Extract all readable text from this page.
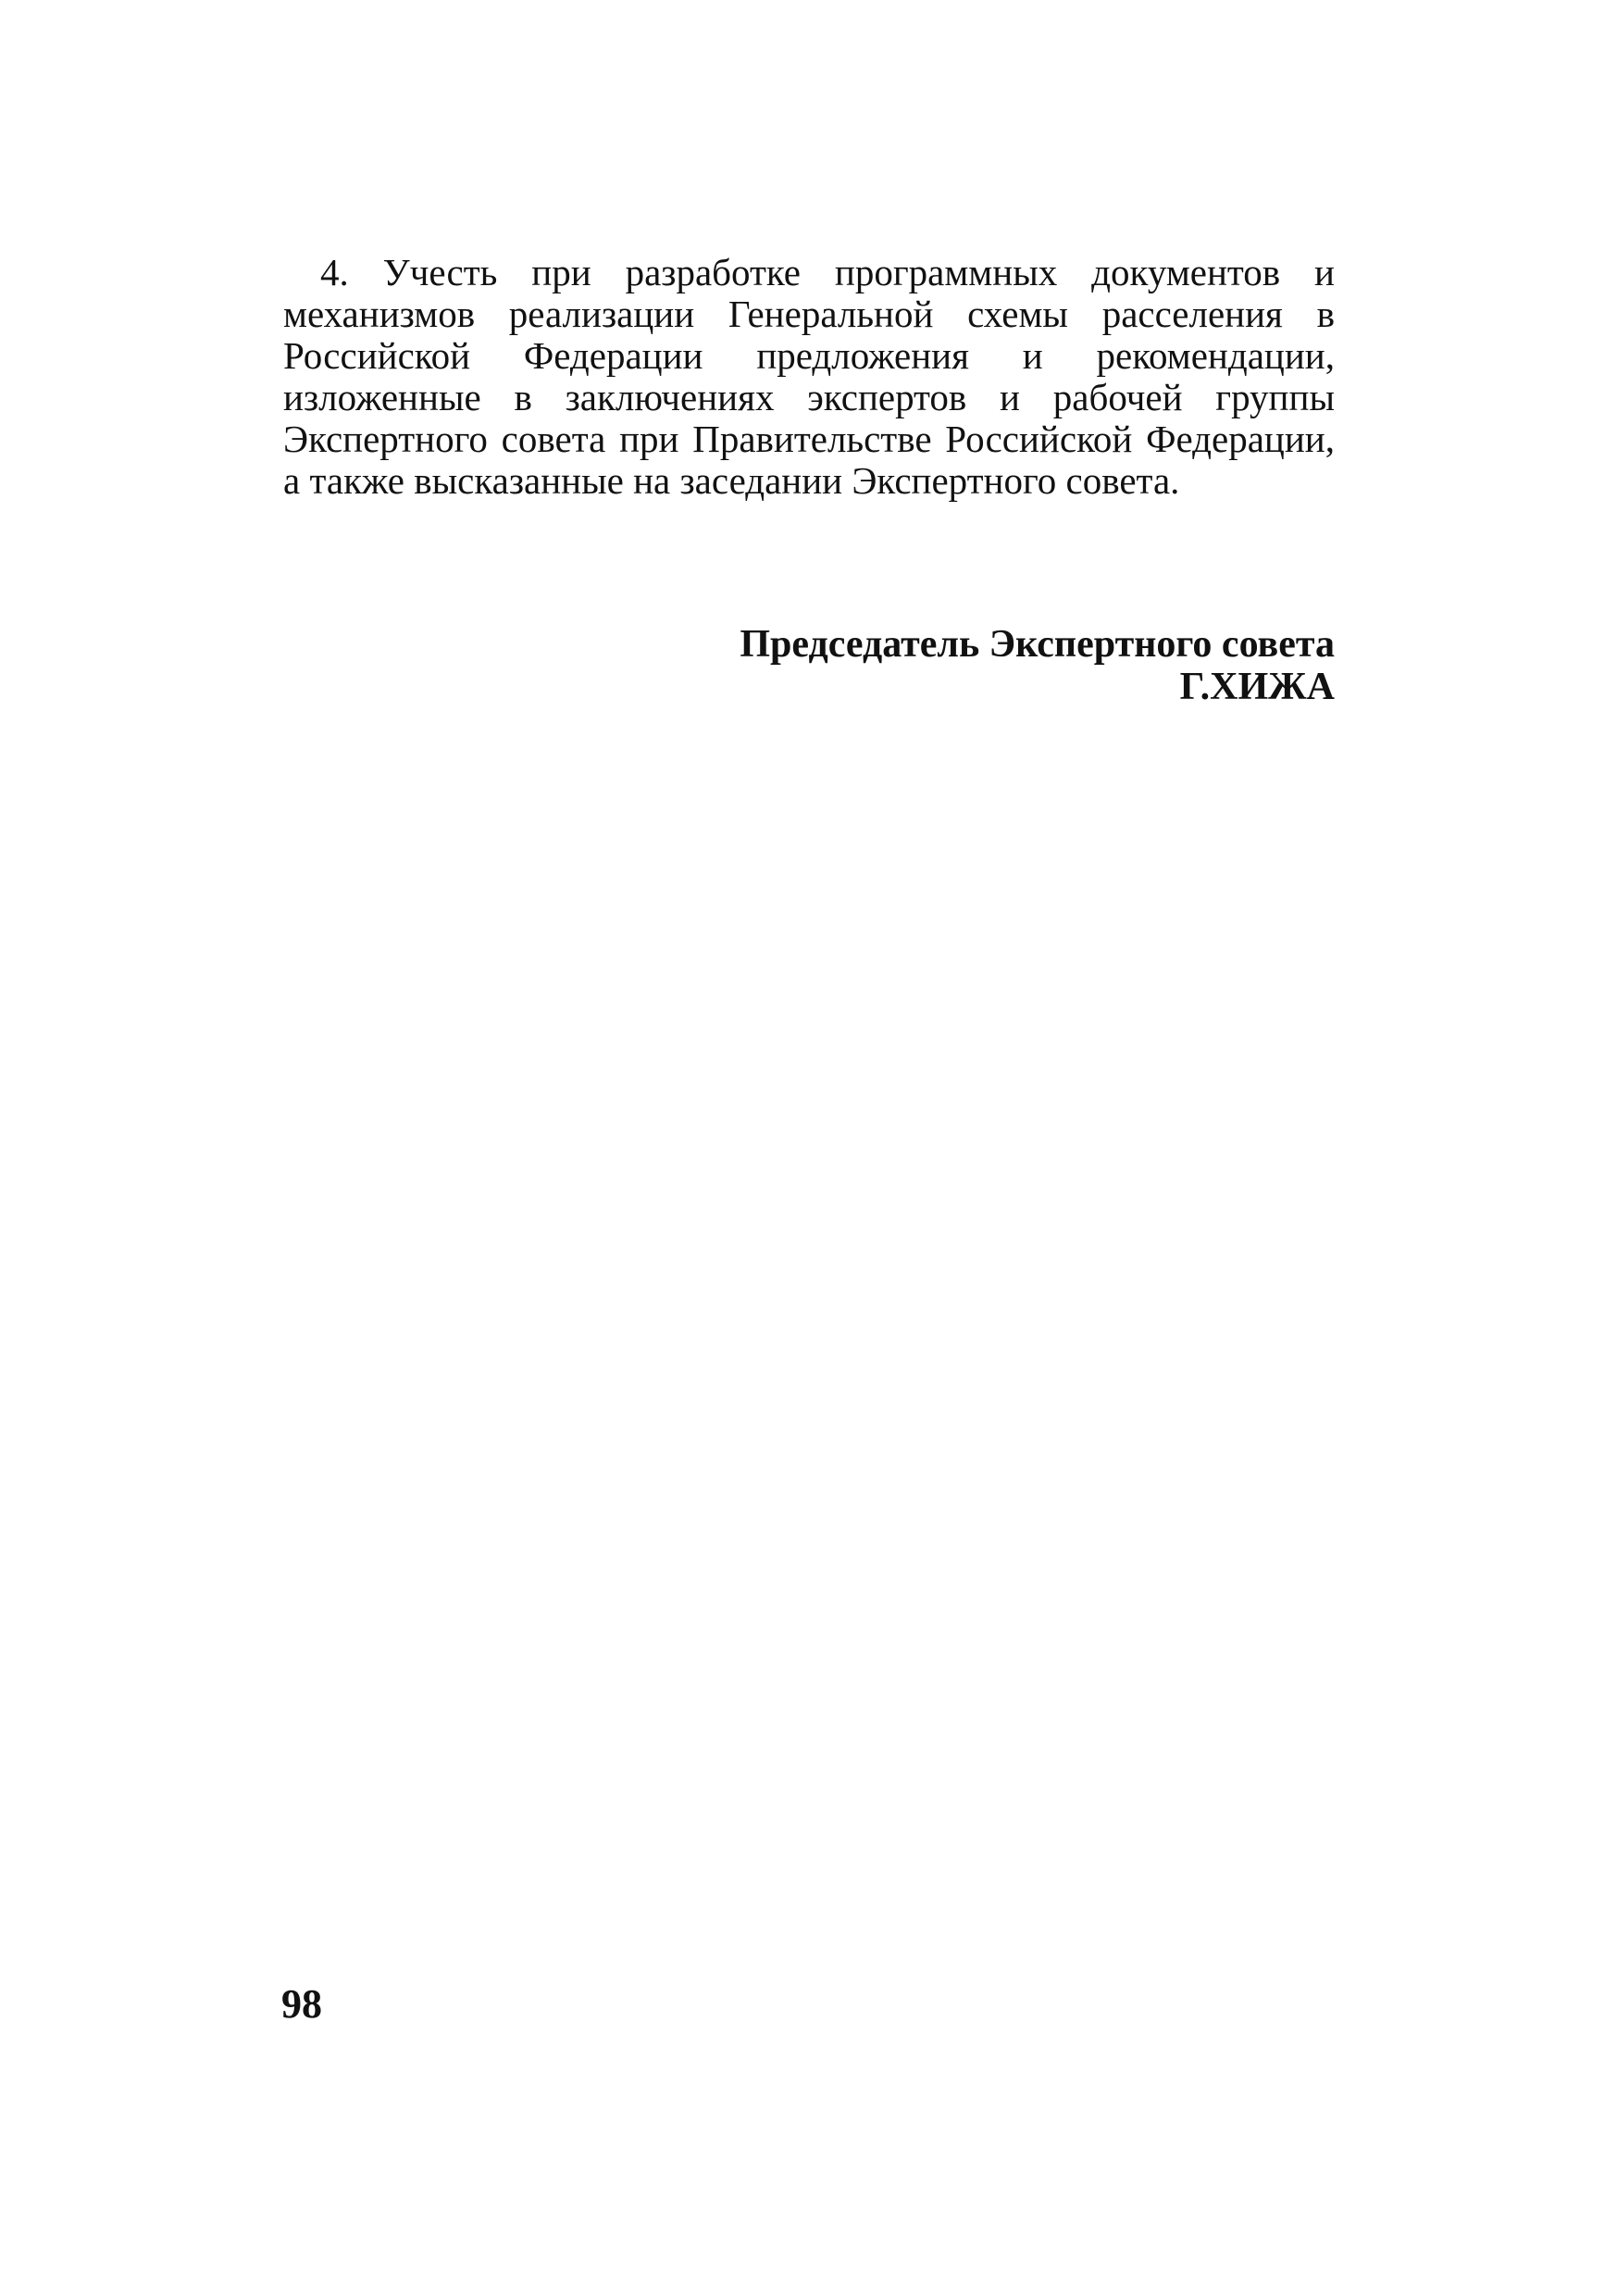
4. Учесть при разработке программных документов и механизмов реализации Генеральной схемы расселения в Российской Федерации предложения и рекомендации, изложенные в заключениях экспертов и рабочей группы Экспертного совета при Правительстве Российской Федерации, а также высказанные на заседании Экспертного совета.

Председатель Экспертного совета
Г.ХИЖА
98
